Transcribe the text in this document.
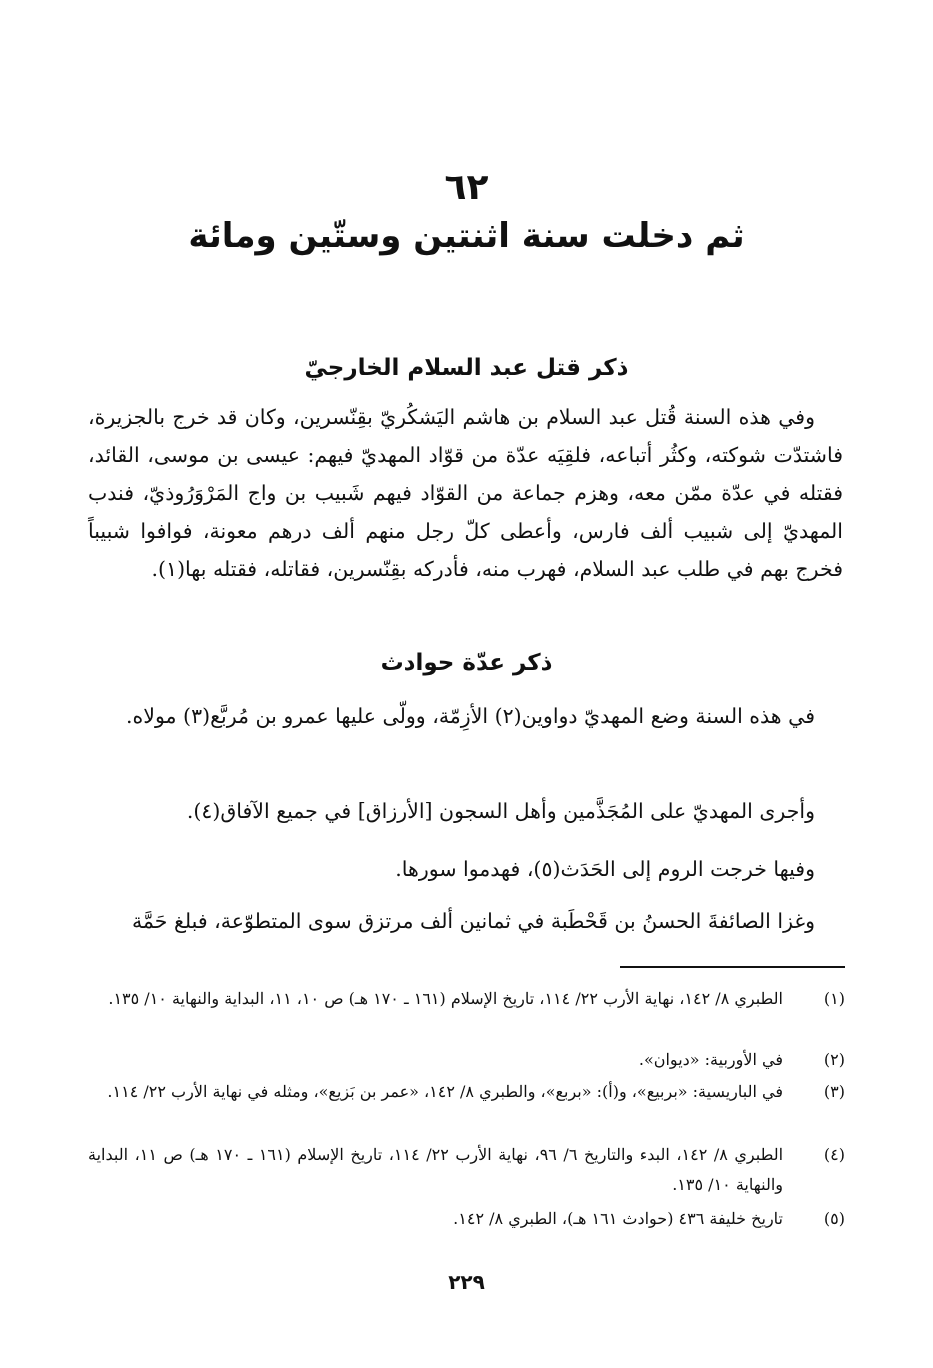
٦٢
ثم دخلت سنة اثنتين وستّين ومائة
ذكر قتل عبد السلام الخارجيّ
وفي هذه السنة قُتل عبد السلام بن هاشم اليَشكُريّ بقِنّسرين، وكان قد خرج بالجزيرة، فاشتدّت شوكته، وكثُر أتباعه، فلقِيَه عدّة من قوّاد المهديّ فيهم: عيسى بن موسى، القائد، فقتله في عدّة ممّن معه، وهزم جماعة من القوّاد فيهم شَبيب بن واج المَرْوَرُوذيّ، فندب المهديّ إلى شبيب ألف فارس، وأعطى كلّ رجل منهم ألف درهم معونة، فوافوا شبيباً فخرج بهم في طلب عبد السلام، فهرب منه، فأدركه بقِنّسرين، فقاتله، فقتله بها(١).
ذكر عدّة حوادث
في هذه السنة وضع المهديّ دواوين(٢) الأزِمّة، وولّى عليها عمرو بن مُربَّع(٣) مولاه.
وأجرى المهديّ على المُجَذَّمين وأهل السجون [الأرزاق] في جميع الآفاق(٤).
وفيها خرجت الروم إلى الحَدَث(٥)، فهدموا سورها.
وغزا الصائفةَ الحسنُ بن قَحْطَبة في ثمانين ألف مرتزق سوى المتطوّعة، فبلغ حَمَّة
(١)
الطبري ٨/ ١٤٢، نهاية الأرب ٢٢/ ١١٤، تاريخ الإسلام (١٦١ ـ ١٧٠ هـ) ص ١٠، ١١، البداية والنهاية ١٠/ ١٣٥.
(٢)
في الأوربية: «ديوان».
(٣)
في الباريسية: «بربيع»، و(أ): «بربع»، والطبري ٨/ ١٤٢، «عمر بن بَزيع»، ومثله في نهاية الأرب ٢٢/ ١١٤.
(٤)
الطبري ٨/ ١٤٢، البدء والتاريخ ٦/ ٩٦، نهاية الأرب ٢٢/ ١١٤، تاريخ الإسلام (١٦١ ـ ١٧٠ هـ) ص ١١، البداية والنهاية ١٠/ ١٣٥.
(٥)
تاريخ خليفة ٤٣٦ (حوادث ١٦١ هـ)، الطبري ٨/ ١٤٢.
٢٢٩
